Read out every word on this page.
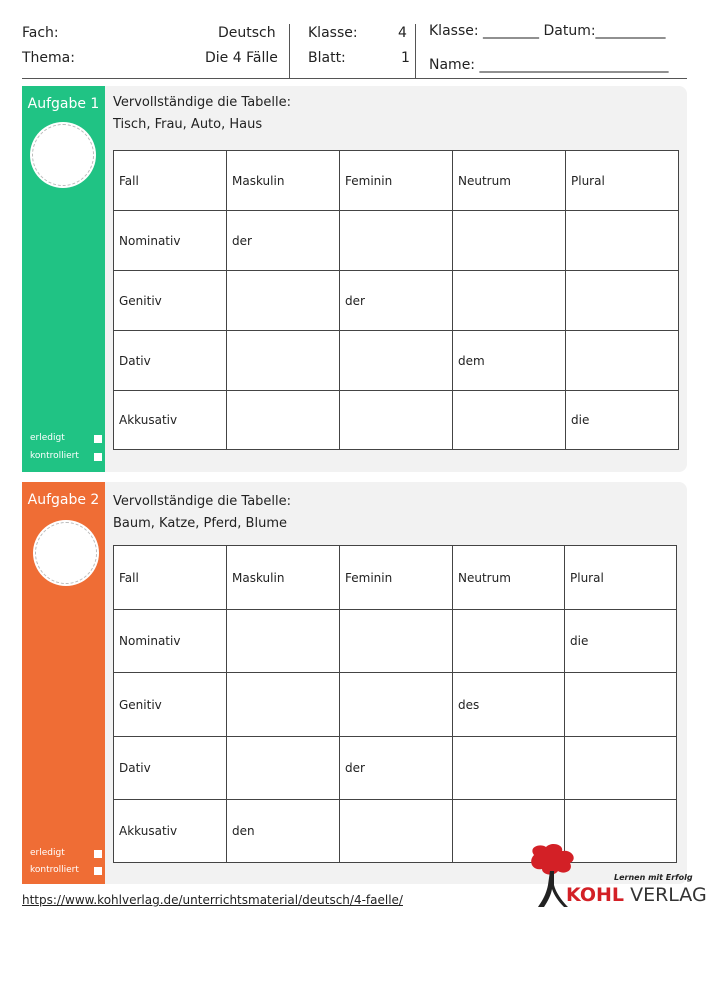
Fach:	Deutsch
Thema:	Die 4 Fälle
Klasse:	4
Blatt:	1
Klasse: ________ Datum:__________
Name: ___________________________
Aufgabe 1
erledigt
kontrolliert
Vervollständige die Tabelle:
Tisch, Frau, Auto, Haus
Fall	Maskulin	Feminin	Neutrum	Plural
Nominativ	der			
Genitiv		der		
Dativ			dem	
Akkusativ				die
Aufgabe 2
erledigt
kontrolliert
Vervollständige die Tabelle:
Baum, Katze, Pferd, Blume
Fall	Maskulin	Feminin	Neutrum	Plural
Nominativ				die
Genitiv			des	
Dativ		der		
Akkusativ	den			
https://www.kohlverlag.de/unterrichtsmaterial/deutsch/4-faelle/
Lernen mit Erfolg
KOHL VERLAG
